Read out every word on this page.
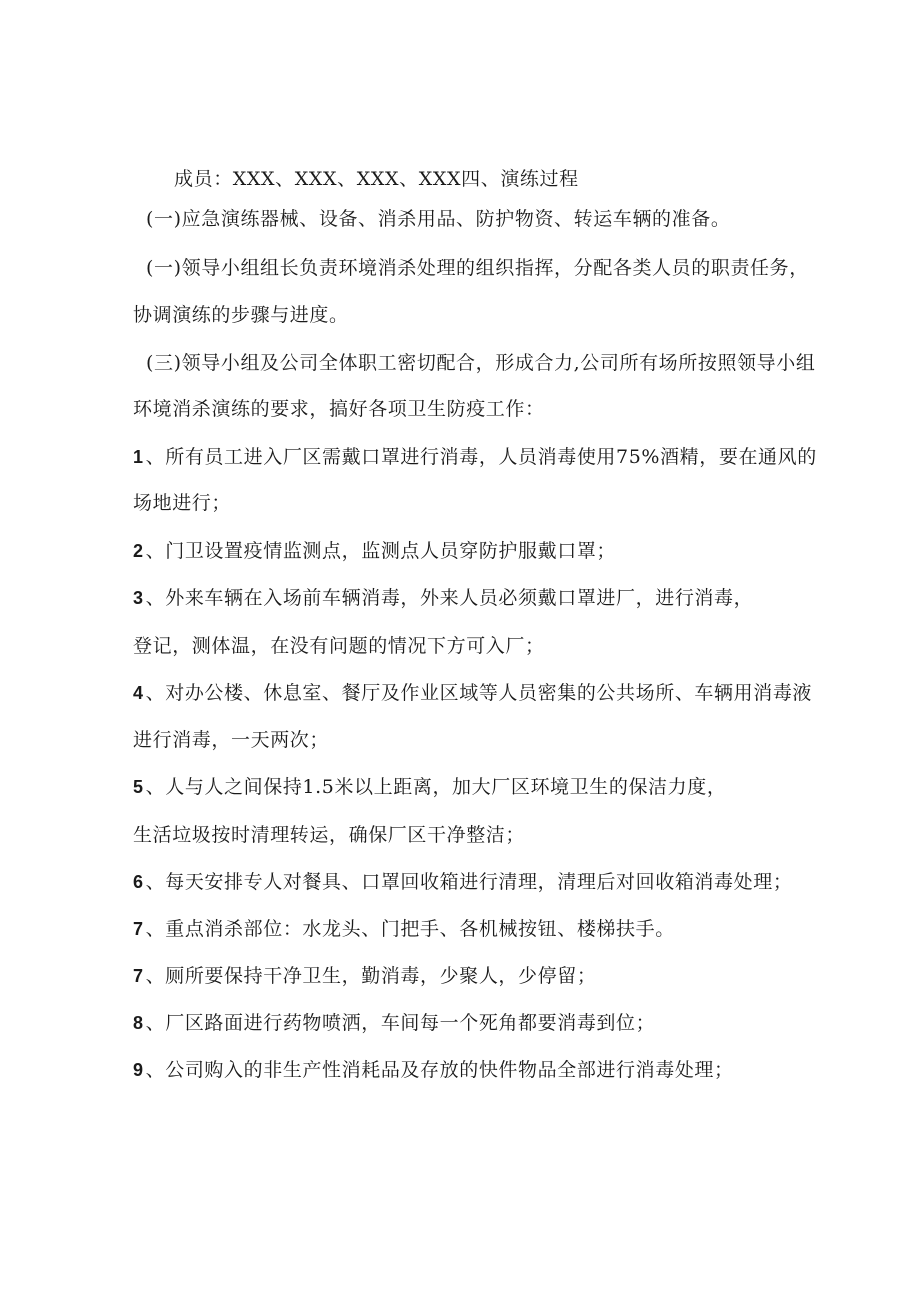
成员：XXX、XXX、XXX、XXX四、演练过程
(一)应急演练器械、设备、消杀用品、防护物资、转运车辆的准备。
(一)领导小组组长负责环境消杀处理的组织指挥，分配各类人员的职责任务，
协调演练的步骤与进度。
(三)领导小组及公司全体职工密切配合，形成合力,公司所有场所按照领导小组
环境消杀演练的要求，搞好各项卫生防疫工作：
1 、所有员工进入厂区需戴口罩进行消毒，人员消毒使用75%酒精，要在通风的
场地进行；
2 、门卫设置疫情监测点，监测点人员穿防护服戴口罩；
3 、外来车辆在入场前车辆消毒，外来人员必须戴口罩进厂，进行消毒，
登记，测体温，在没有问题的情况下方可入厂；
4 、对办公楼、休息室、餐厅及作业区域等人员密集的公共场所、车辆用消毒液
进行消毒，一天两次；
5 、人与人之间保持1.5米以上距离，加大厂区环境卫生的保洁力度，
生活垃圾按时清理转运，确保厂区干净整洁；
6 、每天安排专人对餐具、口罩回收箱进行清理，清理后对回收箱消毒处理；
7 、重点消杀部位：水龙头、门把手、各机械按钮、楼梯扶手。
7 、厕所要保持干净卫生，勤消毒，少聚人，少停留；
8 、厂区路面进行药物喷洒，车间每一个死角都要消毒到位；
9 、公司购入的非生产性消耗品及存放的快件物品全部进行消毒处理；
